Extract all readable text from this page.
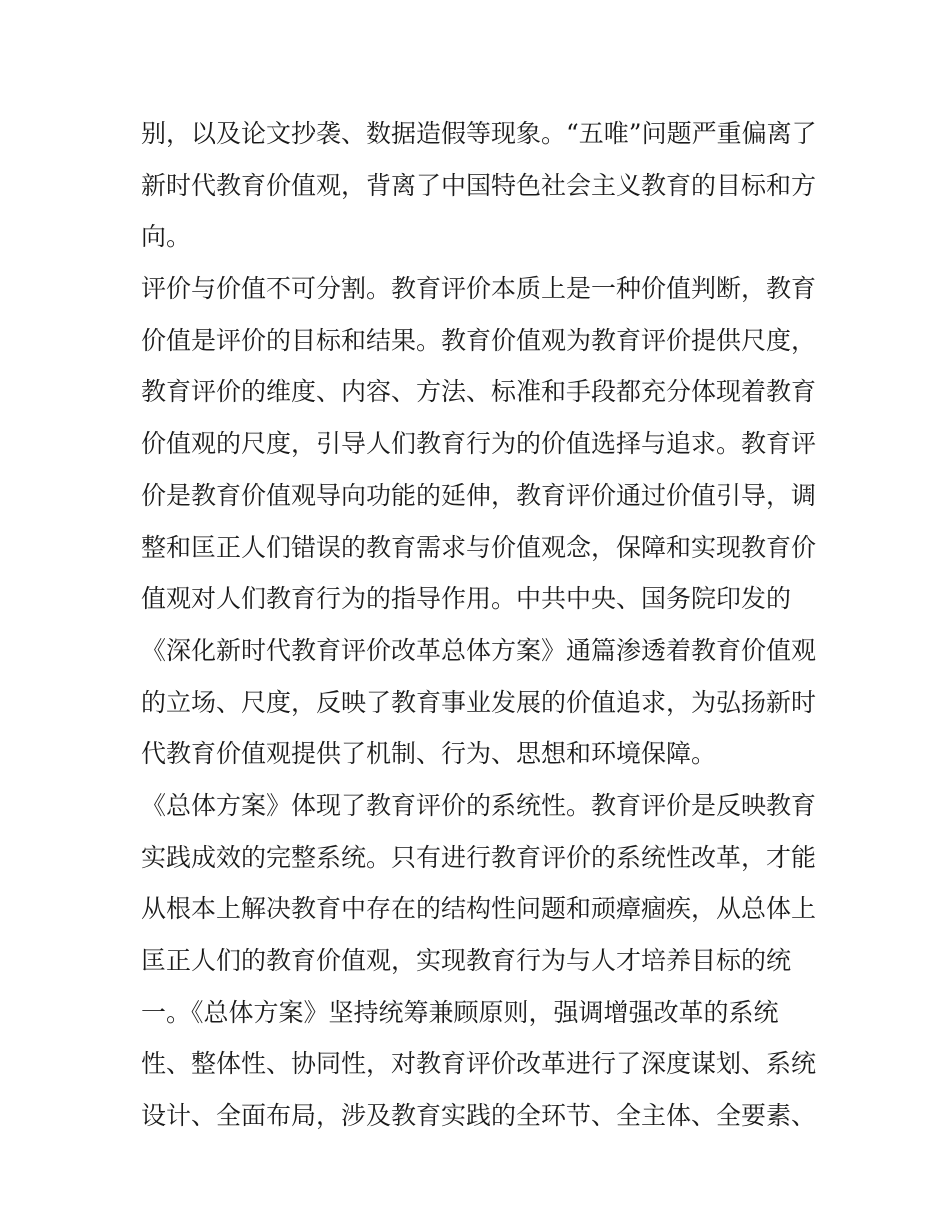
别，以及论文抄袭、数据造假等现象。“五唯”问题严重偏离了
新时代教育价值观，背离了中国特色社会主义教育的目标和方
向。
评价与价值不可分割。教育评价本质上是一种价值判断，教育
价值是评价的目标和结果。教育价值观为教育评价提供尺度，
教育评价的维度、内容、方法、标准和手段都充分体现着教育
价值观的尺度，引导人们教育行为的价值选择与追求。教育评
价是教育价值观导向功能的延伸，教育评价通过价值引导，调
整和匡正人们错误的教育需求与价值观念，保障和实现教育价
值观对人们教育行为的指导作用。中共中央、国务院印发的
《深化新时代教育评价改革总体方案》通篇渗透着教育价值观
的立场、尺度，反映了教育事业发展的价值追求，为弘扬新时
代教育价值观提供了机制、行为、思想和环境保障。
《总体方案》体现了教育评价的系统性。教育评价是反映教育
实践成效的完整系统。只有进行教育评价的系统性改革，才能
从根本上解决教育中存在的结构性问题和顽瘴痼疾，从总体上
匡正人们的教育价值观，实现教育行为与人才培养目标的统
一。《总体方案》坚持统筹兼顾原则，强调增强改革的系统
性、整体性、协同性，对教育评价改革进行了深度谋划、系统
设计、全面布局，涉及教育实践的全环节、全主体、全要素、
